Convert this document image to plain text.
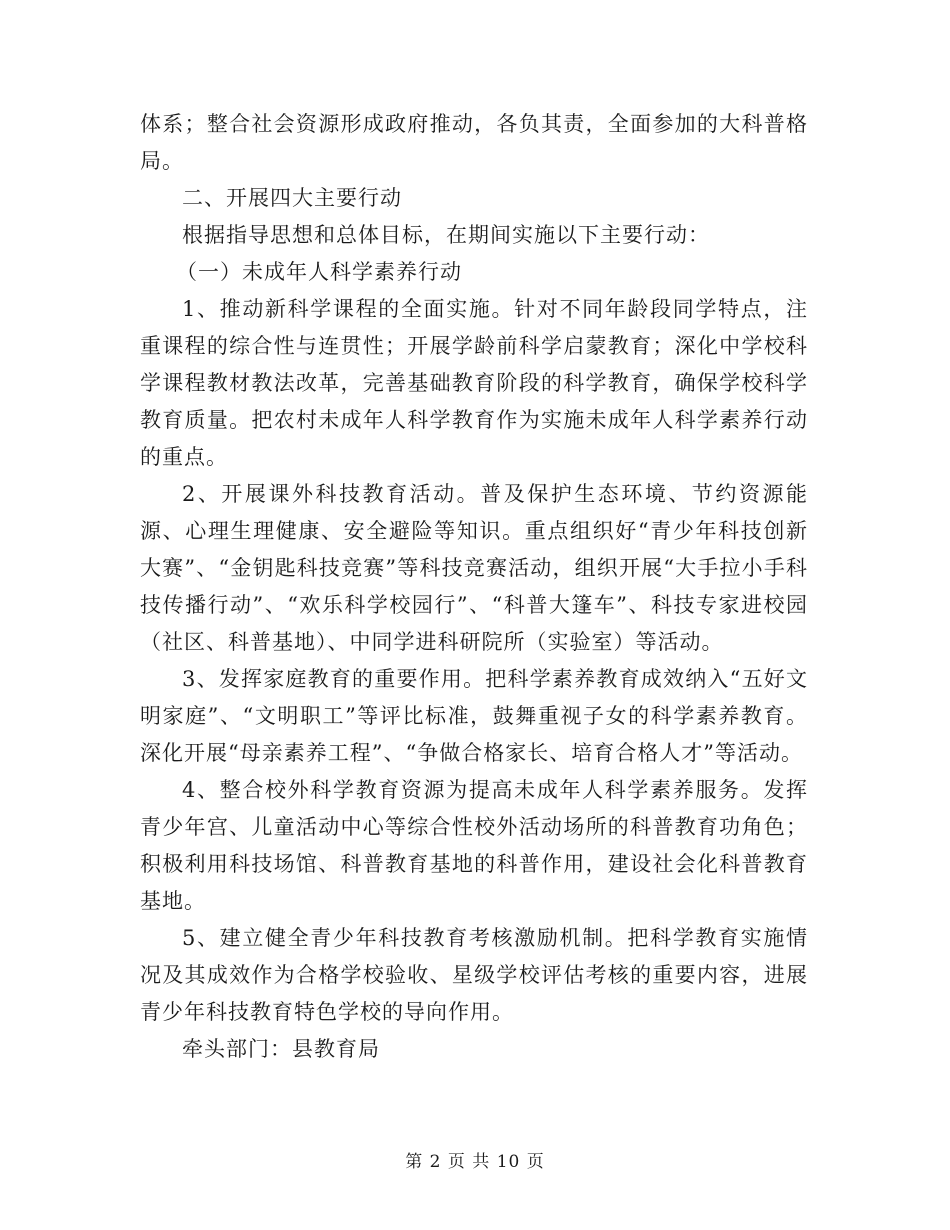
体系；整合社会资源形成政府推动，各负其责，全面参加的大科普格局。

二、开展四大主要行动

根据指导思想和总体目标，在期间实施以下主要行动：

（一）未成年人科学素养行动

1、推动新科学课程的全面实施。针对不同年龄段同学特点，注重课程的综合性与连贯性；开展学龄前科学启蒙教育；深化中学校科学课程教材教法改革，完善基础教育阶段的科学教育，确保学校科学教育质量。把农村未成年人科学教育作为实施未成年人科学素养行动的重点。

2、开展课外科技教育活动。普及保护生态环境、节约资源能源、心理生理健康、安全避险等知识。重点组织好“青少年科技创新大赛”、“金钥匙科技竞赛”等科技竞赛活动，组织开展“大手拉小手科技传播行动”、“欢乐科学校园行”、“科普大篷车”、科技专家进校园（社区、科普基地）、中同学进科研院所（实验室）等活动。

3、发挥家庭教育的重要作用。把科学素养教育成效纳入“五好文明家庭”、“文明职工”等评比标准，鼓舞重视子女的科学素养教育。深化开展“母亲素养工程”、“争做合格家长、培育合格人才”等活动。

4、整合校外科学教育资源为提高未成年人科学素养服务。发挥青少年宫、儿童活动中心等综合性校外活动场所的科普教育功角色；积极利用科技场馆、科普教育基地的科普作用，建设社会化科普教育基地。

5、建立健全青少年科技教育考核激励机制。把科学教育实施情况及其成效作为合格学校验收、星级学校评估考核的重要内容，进展青少年科技教育特色学校的导向作用。

牵头部门：县教育局

第 2 页 共 10 页
